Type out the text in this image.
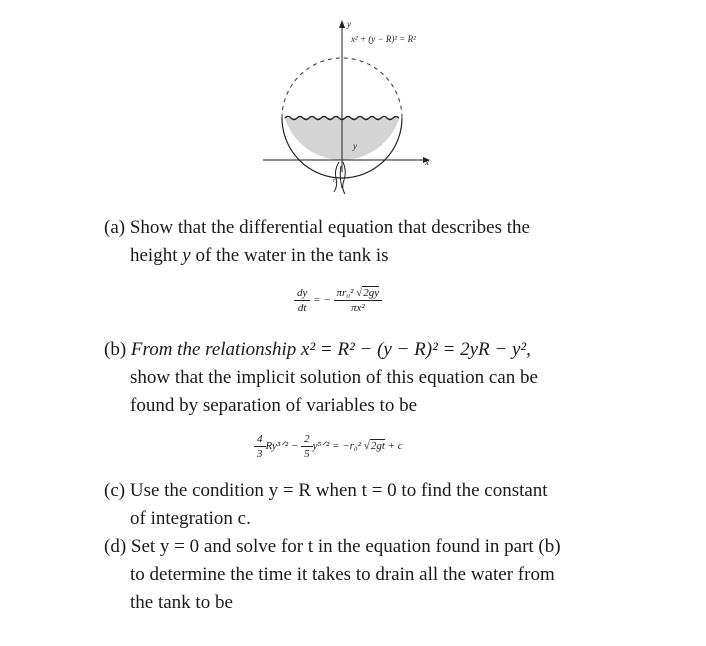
y
x
x² + (y − R)² = R²
y
r₀

(a) Show that the differential equation that describes the
height y of the water in the tank is

$\frac{dy}{dt}$ = − $\frac{\text{πr₀² √2gy}}{\text{πx²}}$

(b) From the relationship x² = R² − (y − R)² = 2yR − y²,
show that the implicit solution of this equation can be
found by separation of variables to be

$\frac{4}{3}$ Ry³ᐟ² − $\frac{2}{5}$ y⁵ᐟ² = −r₀² √2gt + c

(c) Use the condition y = R when t = 0 to find the constant
of integration c.

(d) Set y = 0 and solve for t in the equation found in part (b)
to determine the time it takes to drain all the water from
the tank to be
